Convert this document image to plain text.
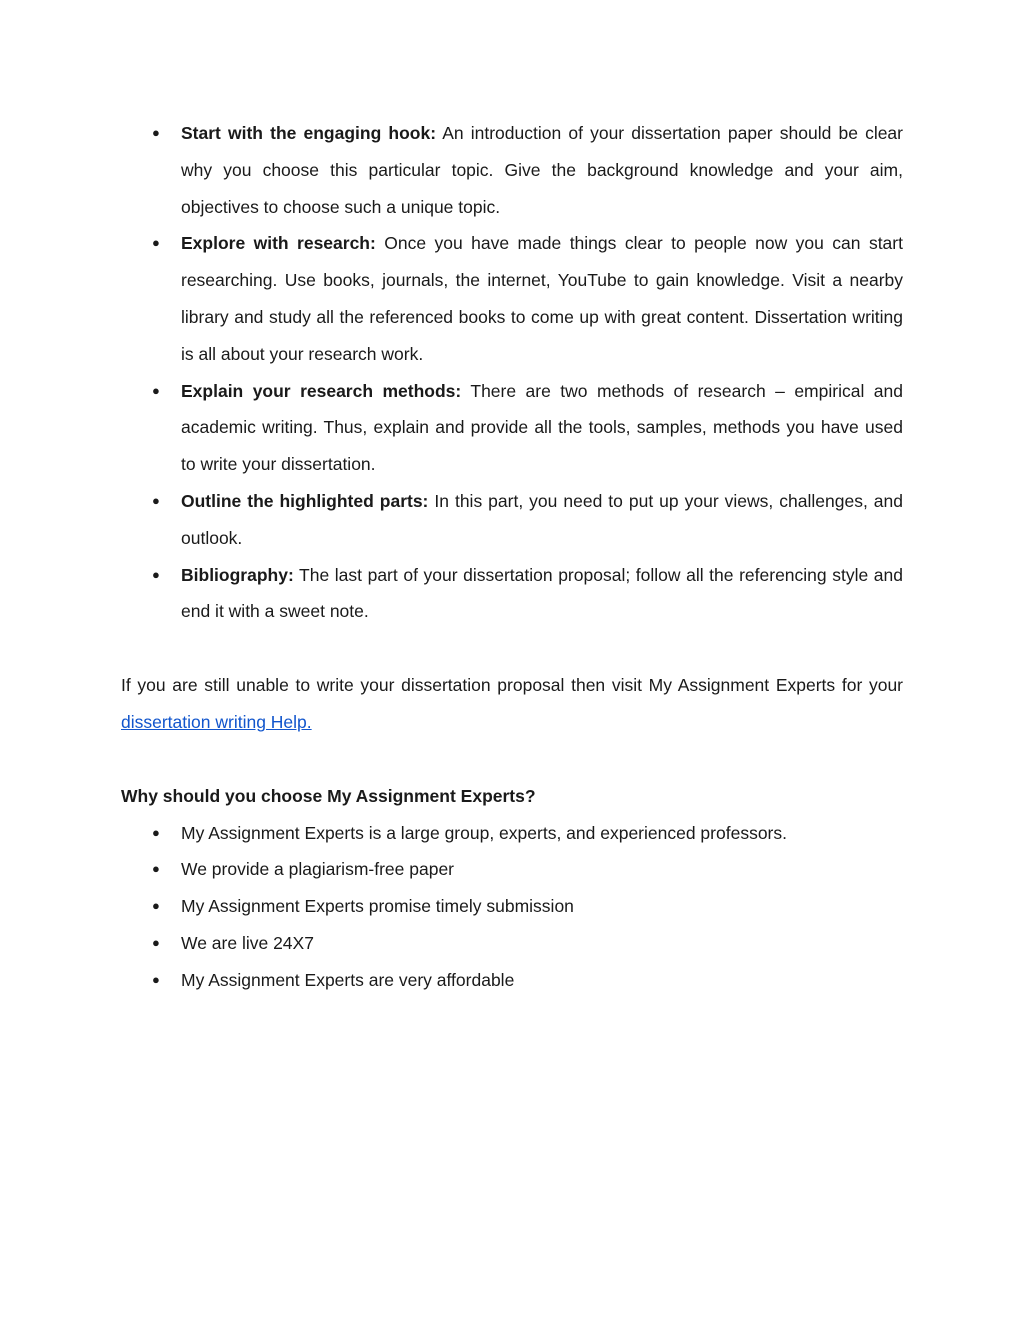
● Start with the engaging hook: An introduction of your dissertation paper should be clear why you choose this particular topic. Give the background knowledge and your aim, objectives to choose such a unique topic.
● Explore with research: Once you have made things clear to people now you can start researching. Use books, journals, the internet, YouTube to gain knowledge. Visit a nearby library and study all the referenced books to come up with great content. Dissertation writing is all about your research work.
● Explain your research methods: There are two methods of research – empirical and academic writing. Thus, explain and provide all the tools, samples, methods you have used to write your dissertation.
● Outline the highlighted parts: In this part, you need to put up your views, challenges, and outlook.
● Bibliography: The last part of your dissertation proposal; follow all the referencing style and end it with a sweet note.

If you are still unable to write your dissertation proposal then visit My Assignment Experts for your dissertation writing Help.

Why should you choose My Assignment Experts?
● My Assignment Experts is a large group, experts, and experienced professors.
● We provide a plagiarism-free paper
● My Assignment Experts promise timely submission
● We are live 24X7
● My Assignment Experts are very affordable
